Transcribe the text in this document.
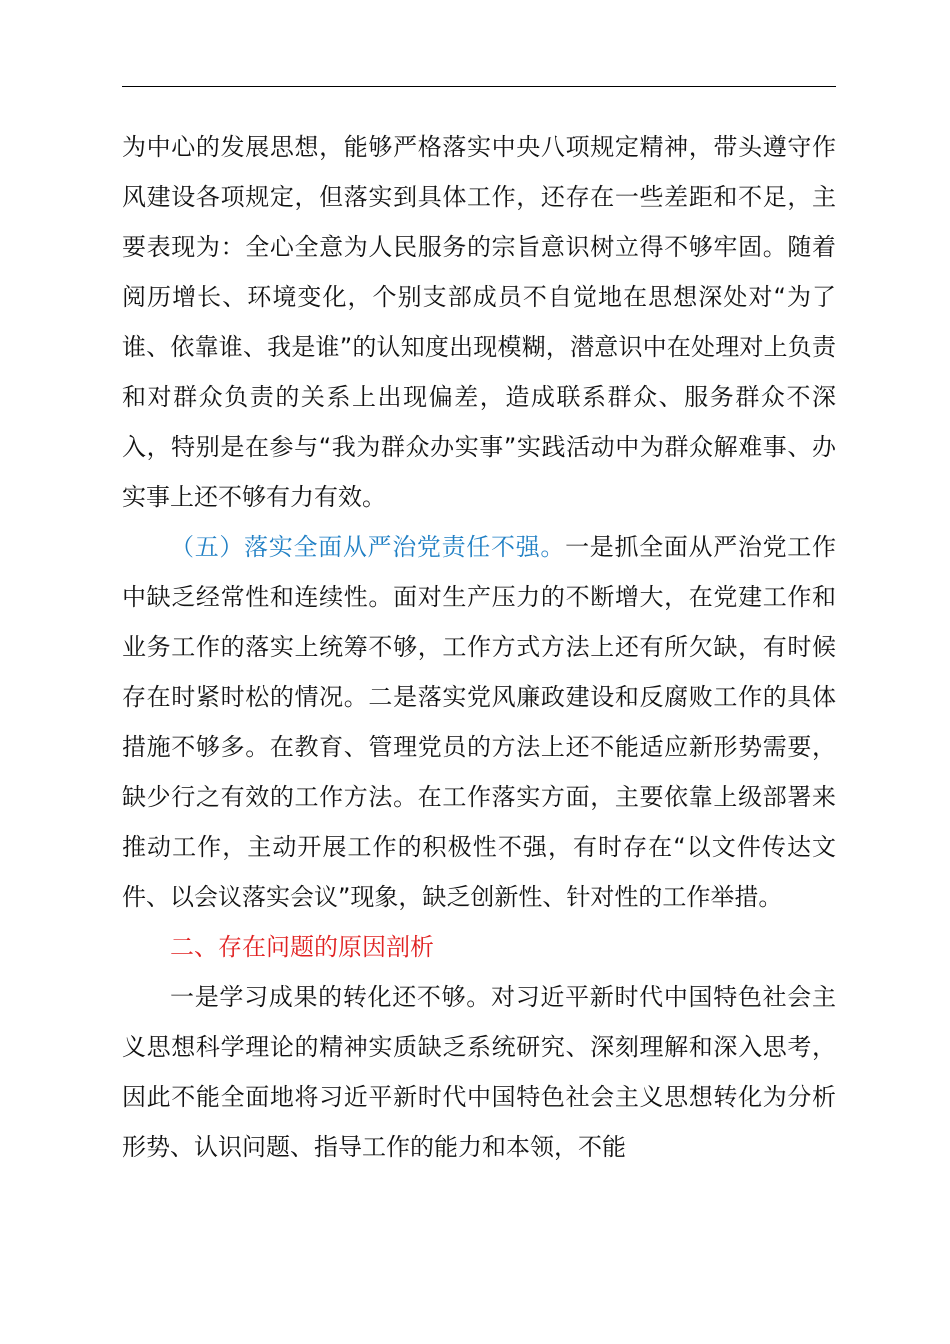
为中心的发展思想，能够严格落实中央八项规定精神，带头遵守作风建设各项规定，但落实到具体工作，还存在一些差距和不足，主要表现为：全心全意为人民服务的宗旨意识树立得不够牢固。随着阅历增长、环境变化，个别支部成员不自觉地在思想深处对“为了谁、依靠谁、我是谁”的认知度出现模糊，潜意识中在处理对上负责和对群众负责的关系上出现偏差，造成联系群众、服务群众不深入，特别是在参与“我为群众办实事”实践活动中为群众解难事、办实事上还不够有力有效。

（五）落实全面从严治党责任不强。一是抓全面从严治党工作中缺乏经常性和连续性。面对生产压力的不断增大，在党建工作和业务工作的落实上统筹不够，工作方式方法上还有所欠缺，有时候存在时紧时松的情况。二是落实党风廉政建设和反腐败工作的具体措施不够多。在教育、管理党员的方法上还不能适应新形势需要，缺少行之有效的工作方法。在工作落实方面，主要依靠上级部署来推动工作，主动开展工作的积极性不强，有时存在“以文件传达文件、以会议落实会议”现象，缺乏创新性、针对性的工作举措。

二、存在问题的原因剖析

一是学习成果的转化还不够。对习近平新时代中国特色社会主义思想科学理论的精神实质缺乏系统研究、深刻理解和深入思考，因此不能全面地将习近平新时代中国特色社会主义思想转化为分析形势、认识问题、指导工作的能力和本领，不能
